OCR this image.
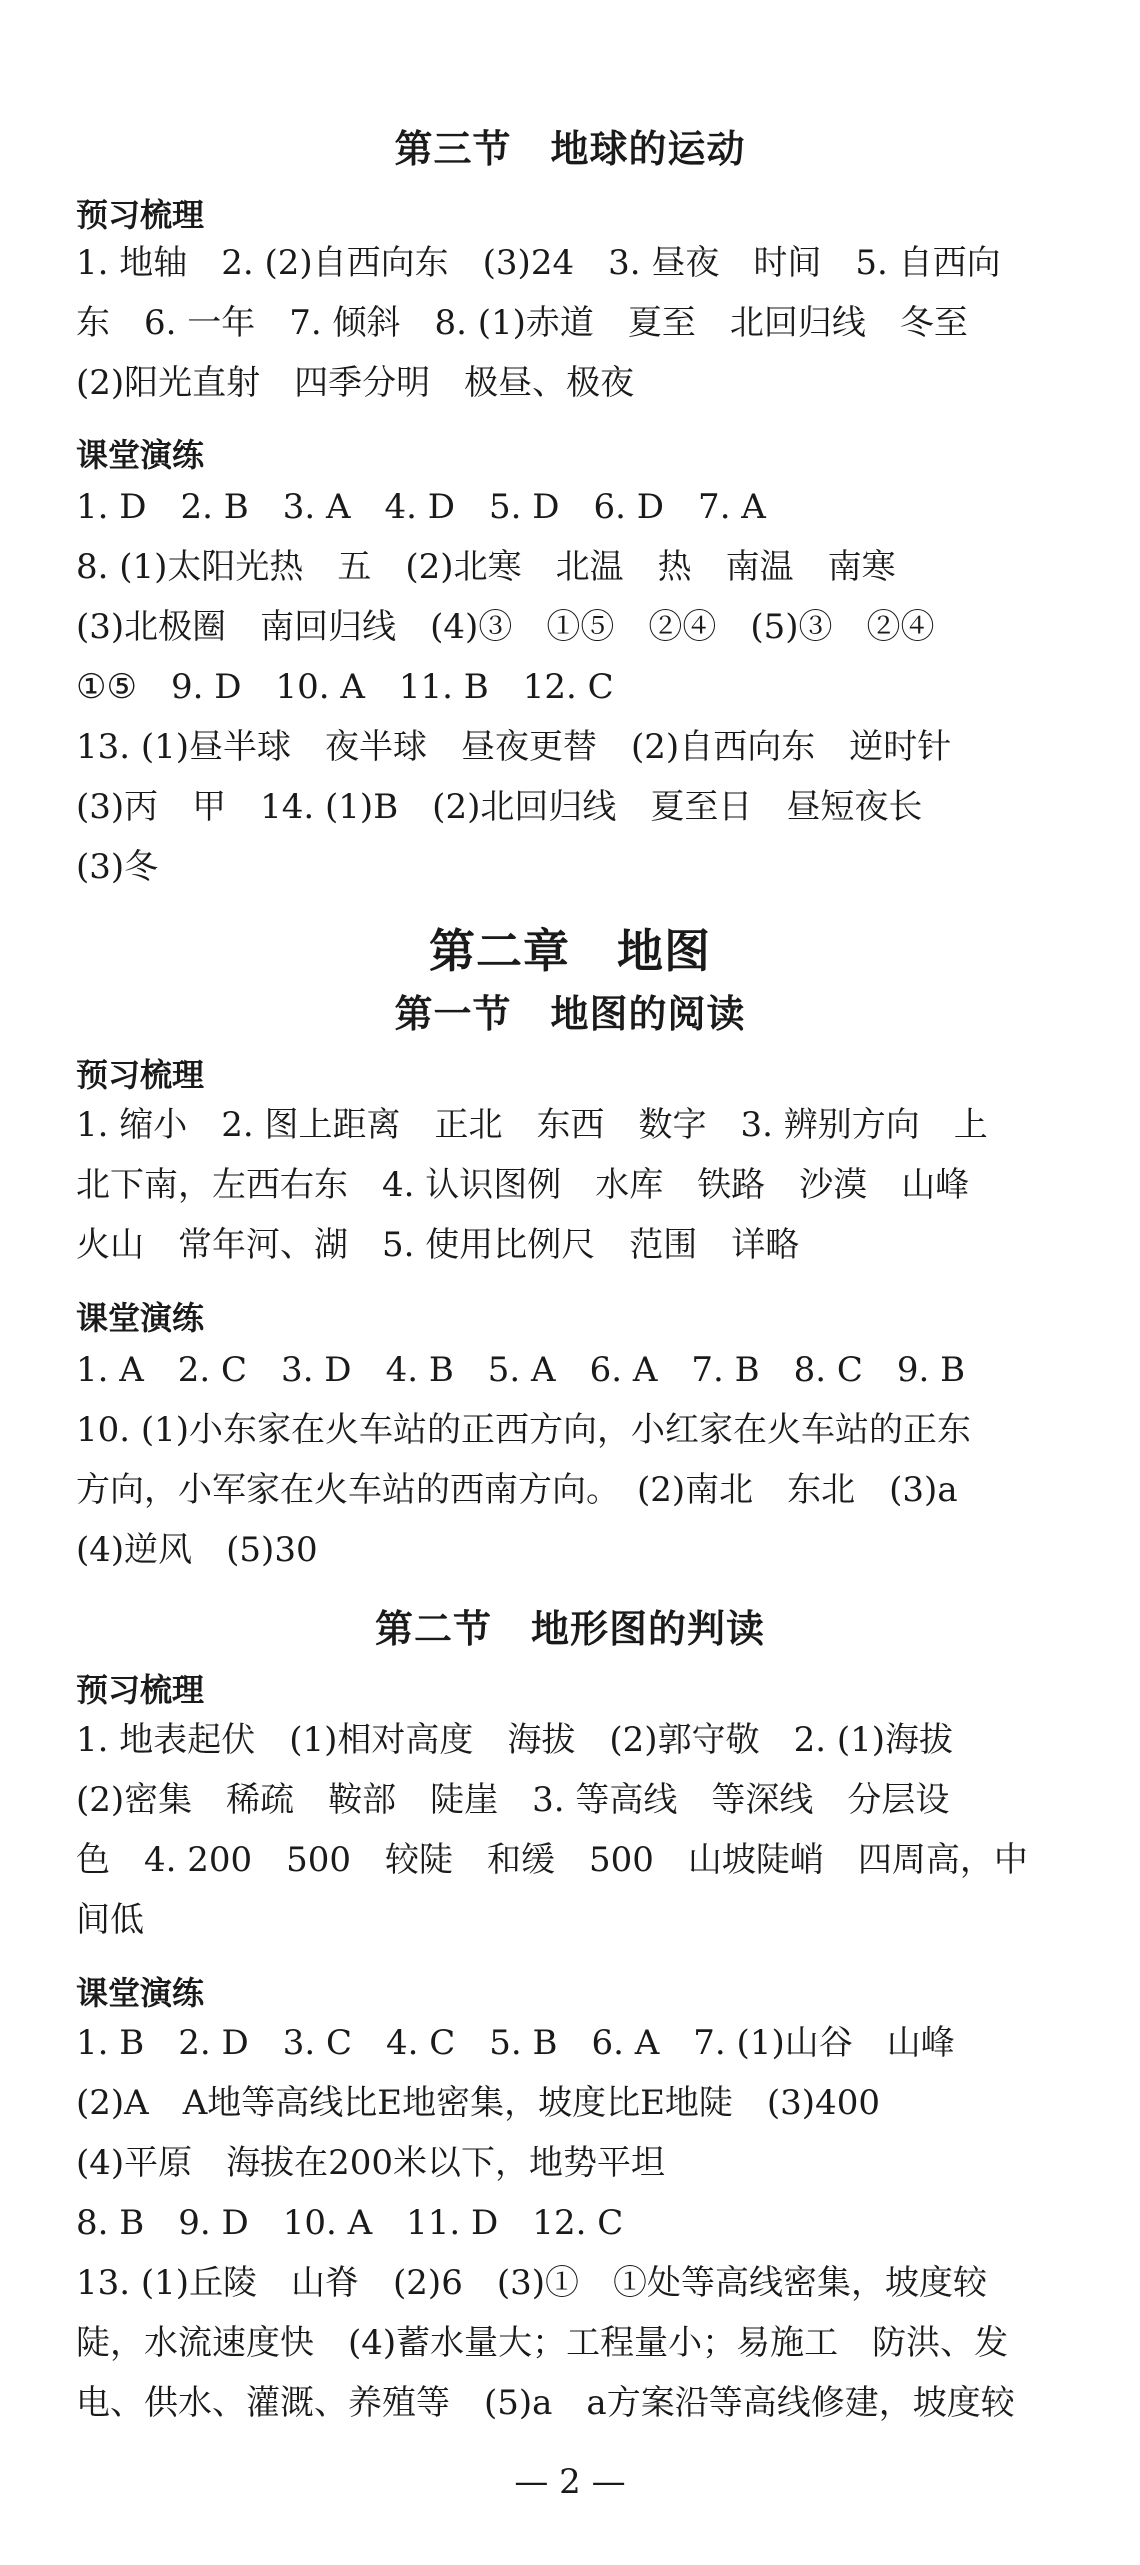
第三节　地球的运动
预习梳理
1. 地轴　2. (2)自西向东　(3)24　3. 昼夜　时间　5. 自西向
东　6. 一年　7. 倾斜　8. (1)赤道　夏至　北回归线　冬至
(2)阳光直射　四季分明　极昼、极夜
课堂演练
1. D　2. B　3. A　4. D　5. D　6. D　7. A
8. (1)太阳光热　五　(2)北寒　北温　热　南温　南寒
(3)北极圈　南回归线　(4)③　①⑤　②④　(5)③　②④
①⑤　9. D　10. A　11. B　12. C
13. (1)昼半球　夜半球　昼夜更替　(2)自西向东　逆时针
(3)丙　甲　14. (1)B　(2)北回归线　夏至日　昼短夜长
(3)冬
第二章　地图
第一节　地图的阅读
预习梳理
1. 缩小　2. 图上距离　正北　东西　数字　3. 辨别方向　上
北下南，左西右东　4. 认识图例　水库　铁路　沙漠　山峰
火山　常年河、湖　5. 使用比例尺　范围　详略
课堂演练
1. A　2. C　3. D　4. B　5. A　6. A　7. B　8. C　9. B
10. (1)小东家在火车站的正西方向，小红家在火车站的正东
方向，小军家在火车站的西南方向。　(2)南北　东北　(3)a
(4)逆风　(5)30
第二节　地形图的判读
预习梳理
1. 地表起伏　(1)相对高度　海拔　(2)郭守敬　2. (1)海拔
(2)密集　稀疏　鞍部　陡崖　3. 等高线　等深线　分层设
色　4. 200　500　较陡　和缓　500　山坡陡峭　四周高，中
间低
课堂演练
1. B　2. D　3. C　4. C　5. B　6. A　7. (1)山谷　山峰
(2)A　A地等高线比E地密集，坡度比E地陡　(3)400
(4)平原　海拔在200米以下，地势平坦
8. B　9. D　10. A　11. D　12. C
13. (1)丘陵　山脊　(2)6　(3)①　①处等高线密集，坡度较
陡，水流速度快　(4)蓄水量大；工程量小；易施工　防洪、发
电、供水、灌溉、养殖等　(5)a　a方案沿等高线修建，坡度较
— 2 —
